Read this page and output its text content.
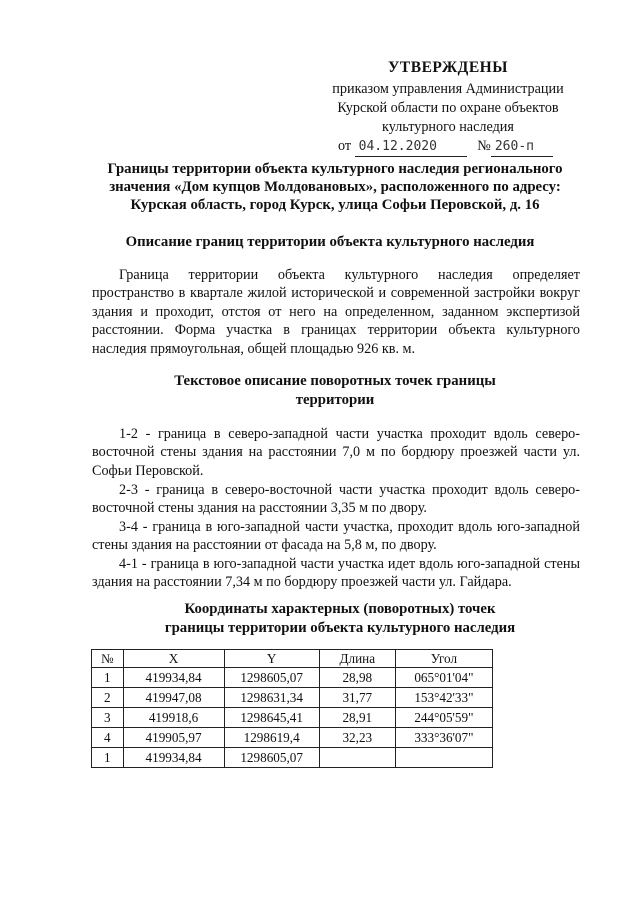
УТВЕРЖДЕНЫ
приказом управления Администрации
Курской области по охране объектов
культурного наследия
от 04.12.2020	№ 260-п
Границы территории объекта культурного наследия регионального
значения «Дом купцов Молдовановых», расположенного по адресу:
Курская область, город Курск, улица Софьи Перовской, д. 16
Описание границ территории объекта культурного наследия
Граница территории объекта культурного наследия определяет пространство в квартале жилой исторической и современной застройки вокруг здания и проходит, отстоя от него на определенном, заданном экспертизой расстоянии. Форма участка в границах территории объекта культурного наследия прямоугольная, общей площадью 926 кв. м.
Текстовое описание поворотных точек границы
территории
1-2 - граница в северо-западной части участка проходит вдоль северо-восточной стены здания на расстоянии 7,0 м по бордюру проезжей части ул. Софьи Перовской.
2-3 - граница в северо-восточной части участка проходит вдоль северо-восточной стены здания на расстоянии 3,35 м по двору.
3-4 - граница в юго-западной части участка, проходит вдоль юго-западной стены здания на расстоянии от фасада на 5,8 м, по двору.
4-1 - граница в юго-западной части участка идет вдоль юго-западной стены здания на расстоянии 7,34 м по бордюру проезжей части ул. Гайдара.
Координаты характерных (поворотных) точек
границы территории объекта культурного наследия
№	X	Y	Длина	Угол
1	419934,84	1298605,07	28,98	065°01'04"
2	419947,08	1298631,34	31,77	153°42'33"
3	419918,6	1298645,41	28,91	244°05'59"
4	419905,97	1298619,4	32,23	333°36'07"
1	419934,84	1298605,07		
